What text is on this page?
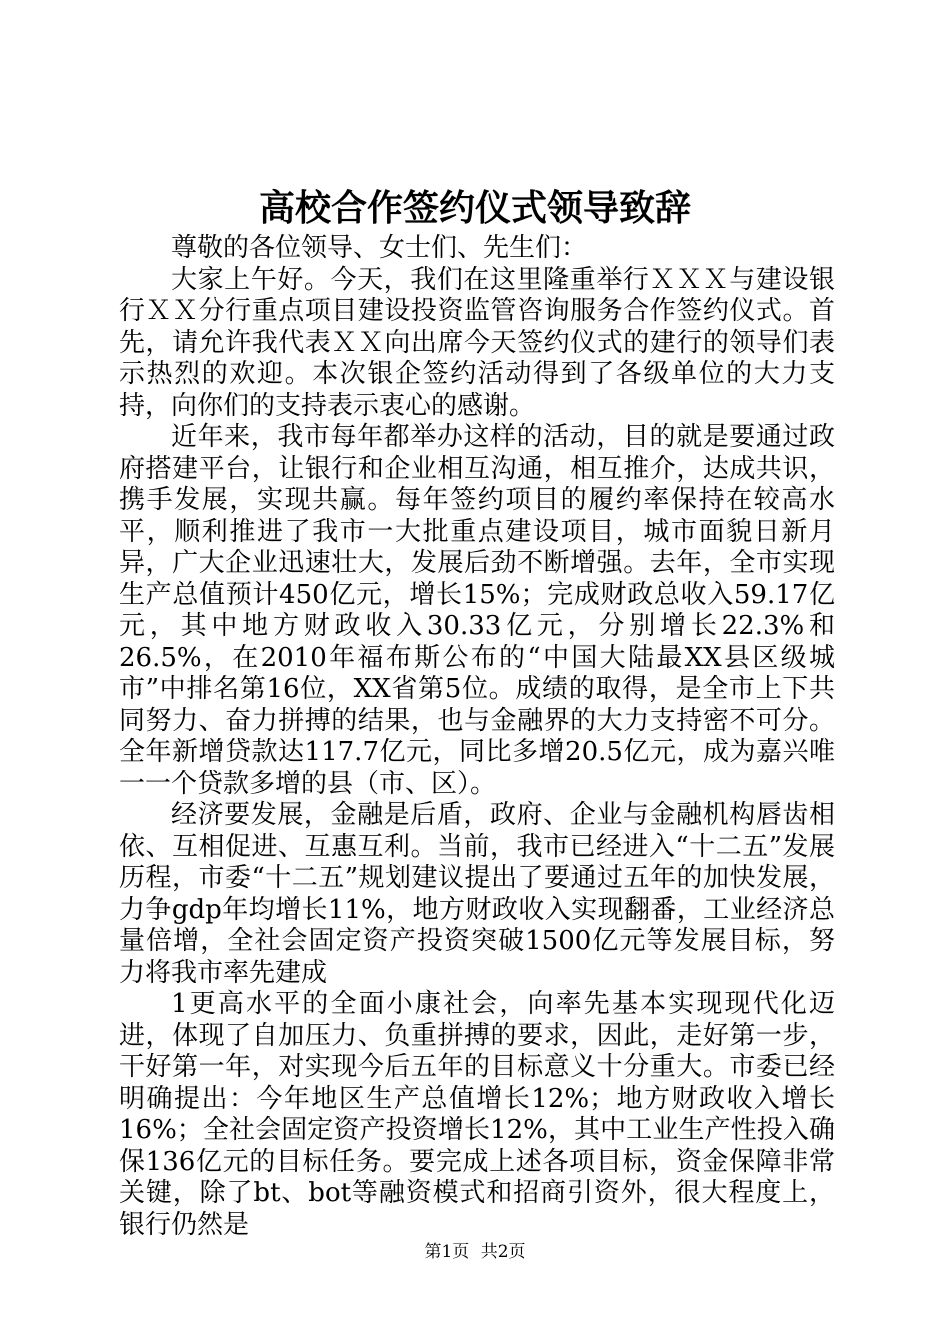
高校合作签约仪式领导致辞

尊敬的各位领导、女士们、先生们：

大家上午好。今天，我们在这里隆重举行ＸＸＸ与建设银行ＸＸ分行重点项目建设投资监管咨询服务合作签约仪式。首先，请允许我代表ＸＸ向出席今天签约仪式的建行的领导们表示热烈的欢迎。本次银企签约活动得到了各级单位的大力支持，向你们的支持表示衷心的感谢。

近年来，我市每年都举办这样的活动，目的就是要通过政府搭建平台，让银行和企业相互沟通，相互推介，达成共识，携手发展，实现共赢。每年签约项目的履约率保持在较高水平，顺利推进了我市一大批重点建设项目，城市面貌日新月异，广大企业迅速壮大，发展后劲不断增强。去年，全市实现生产总值预计450亿元，增长15%；完成财政总收入59.17亿元，其中地方财政收入30.33亿元，分别增长22.3%和26.5%，在2010年福布斯公布的“中国大陆最XX县区级城市”中排名第16位，XX省第5位。成绩的取得，是全市上下共同努力、奋力拼搏的结果，也与金融界的大力支持密不可分。全年新增贷款达117.7亿元，同比多增20.5亿元，成为嘉兴唯一一个贷款多增的县（市、区）。

经济要发展，金融是后盾，政府、企业与金融机构唇齿相依、互相促进、互惠互利。当前，我市已经进入“十二五”发展历程，市委“十二五”规划建议提出了要通过五年的加快发展，力争gdp年均增长11%，地方财政收入实现翻番，工业经济总量倍增，全社会固定资产投资突破1500亿元等发展目标，努力将我市率先建成

1更高水平的全面小康社会，向率先基本实现现代化迈进，体现了自加压力、负重拼搏的要求，因此，走好第一步，干好第一年，对实现今后五年的目标意义十分重大。市委已经明确提出：今年地区生产总值增长12%；地方财政收入增长16%；全社会固定资产投资增长12%，其中工业生产性投入确保136亿元的目标任务。要完成上述各项目标，资金保障非常关键，除了bt、bot等融资模式和招商引资外，很大程度上，银行仍然是

第1页 共2页
